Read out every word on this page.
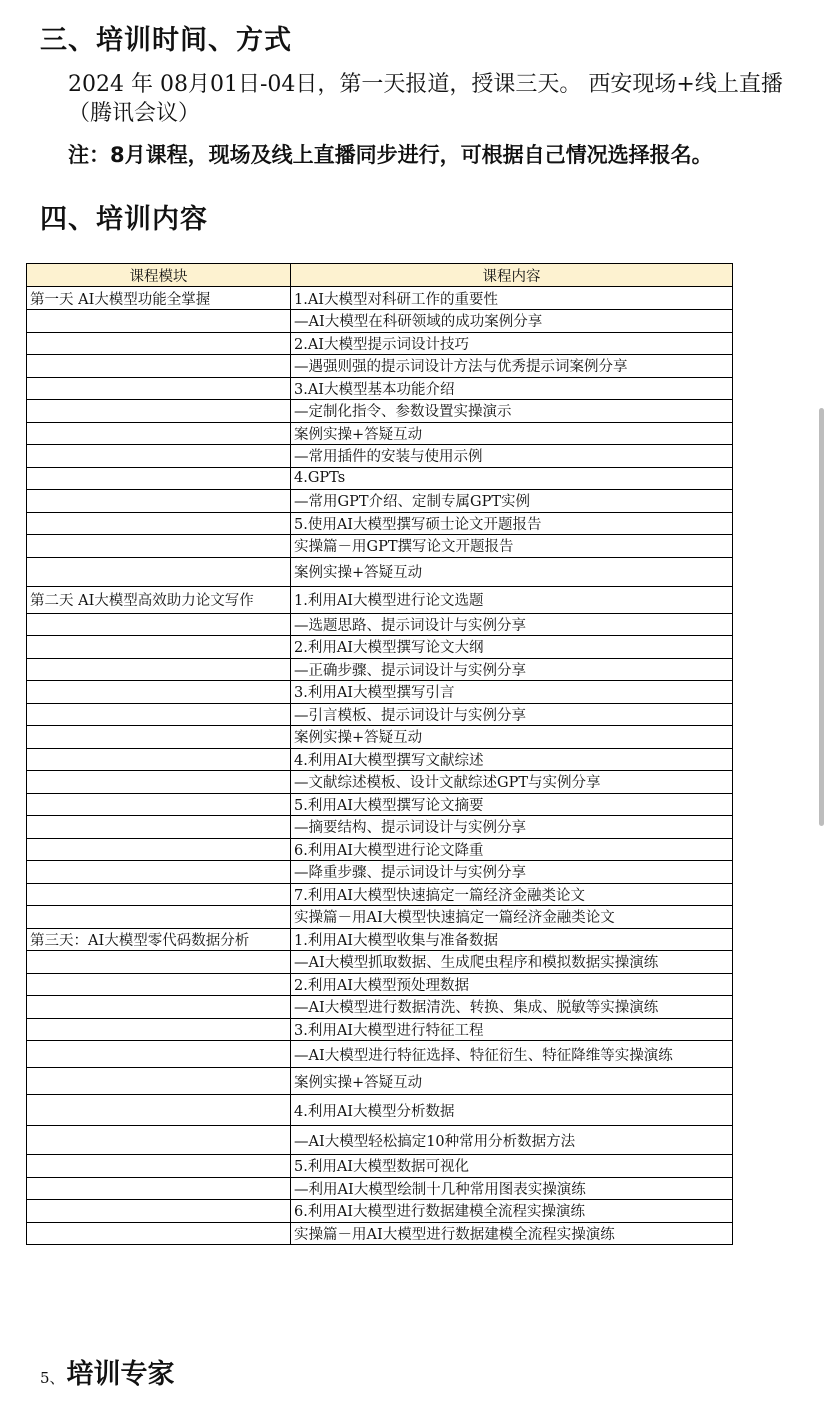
三、培训时间、方式
2024 年 08月01日-04日，第一天报道，授课三天。 西安现场+线上直播（腾讯会议）
注：8月课程，现场及线上直播同步进行，可根据自己情况选择报名。
四、培训内容
课程模块	课程内容
第一天 AI大模型功能全掌握	1.AI大模型对科研工作的重要性
	—AI大模型在科研领域的成功案例分享
	2.AI大模型提示词设计技巧
	—遇强则强的提示词设计方法与优秀提示词案例分享
	3.AI大模型基本功能介绍
	—定制化指令、参数设置实操演示
	案例实操+答疑互动
	—常用插件的安装与使用示例
	4.GPTs
	—常用GPT介绍、定制专属GPT实例
	5.使用AI大模型撰写硕士论文开题报告
	实操篇－用GPT撰写论文开题报告
	案例实操+答疑互动
第二天 AI大模型高效助力论文写作	1.利用AI大模型进行论文选题
	—选题思路、提示词设计与实例分享
	2.利用AI大模型撰写论文大纲
	—正确步骤、提示词设计与实例分享
	3.利用AI大模型撰写引言
	—引言模板、提示词设计与实例分享
	案例实操+答疑互动
	4.利用AI大模型撰写文献综述
	—文献综述模板、设计文献综述GPT与实例分享
	5.利用AI大模型撰写论文摘要
	—摘要结构、提示词设计与实例分享
	6.利用AI大模型进行论文降重
	—降重步骤、提示词设计与实例分享
	7.利用AI大模型快速搞定一篇经济金融类论文
	实操篇－用AI大模型快速搞定一篇经济金融类论文
第三天：AI大模型零代码数据分析	1.利用AI大模型收集与准备数据
	—AI大模型抓取数据、生成爬虫程序和模拟数据实操演练
	2.利用AI大模型预处理数据
	—AI大模型进行数据清洗、转换、集成、脱敏等实操演练
	3.利用AI大模型进行特征工程
	—AI大模型进行特征选择、特征衍生、特征降维等实操演练
	案例实操+答疑互动
	4.利用AI大模型分析数据
	—AI大模型轻松搞定10种常用分析数据方法
	5.利用AI大模型数据可视化
	—利用AI大模型绘制十几种常用图表实操演练
	6.利用AI大模型进行数据建模全流程实操演练
	实操篇－用AI大模型进行数据建模全流程实操演练
5、培训专家
